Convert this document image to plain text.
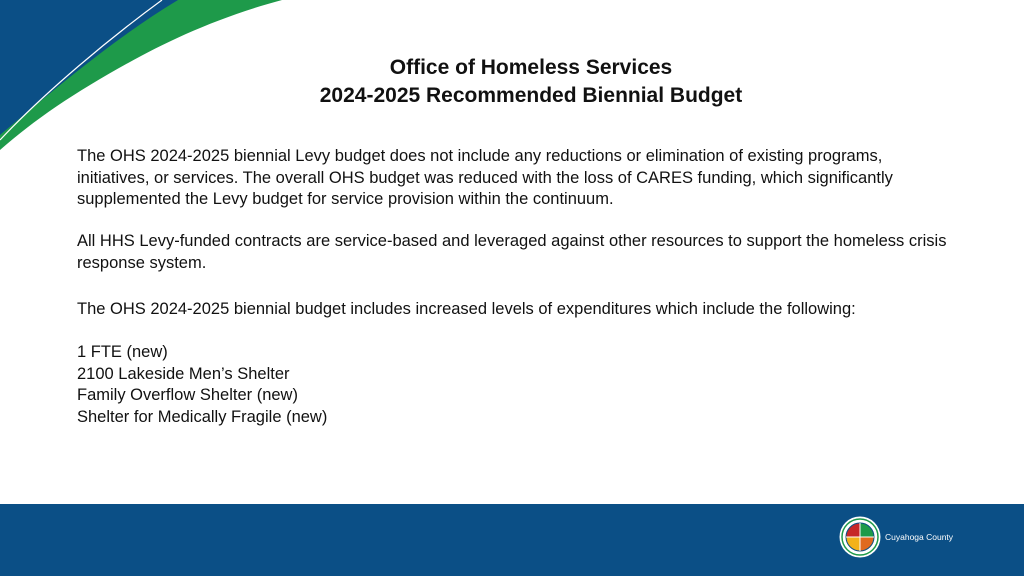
Office of Homeless Services
2024-2025 Recommended Biennial Budget

The OHS 2024-2025 biennial Levy budget does not include any reductions or elimination of existing programs, initiatives, or services. The overall OHS budget was reduced with the loss of CARES funding, which significantly supplemented the Levy budget for service provision within the continuum.

All HHS Levy-funded contracts are service-based and leveraged against other resources to support the homeless crisis response system.

The OHS 2024-2025 biennial budget includes increased levels of expenditures which include the following:

1 FTE (new)
2100 Lakeside Men’s Shelter
Family Overflow Shelter (new)
Shelter for Medically Fragile (new)
Cuyahoga County
